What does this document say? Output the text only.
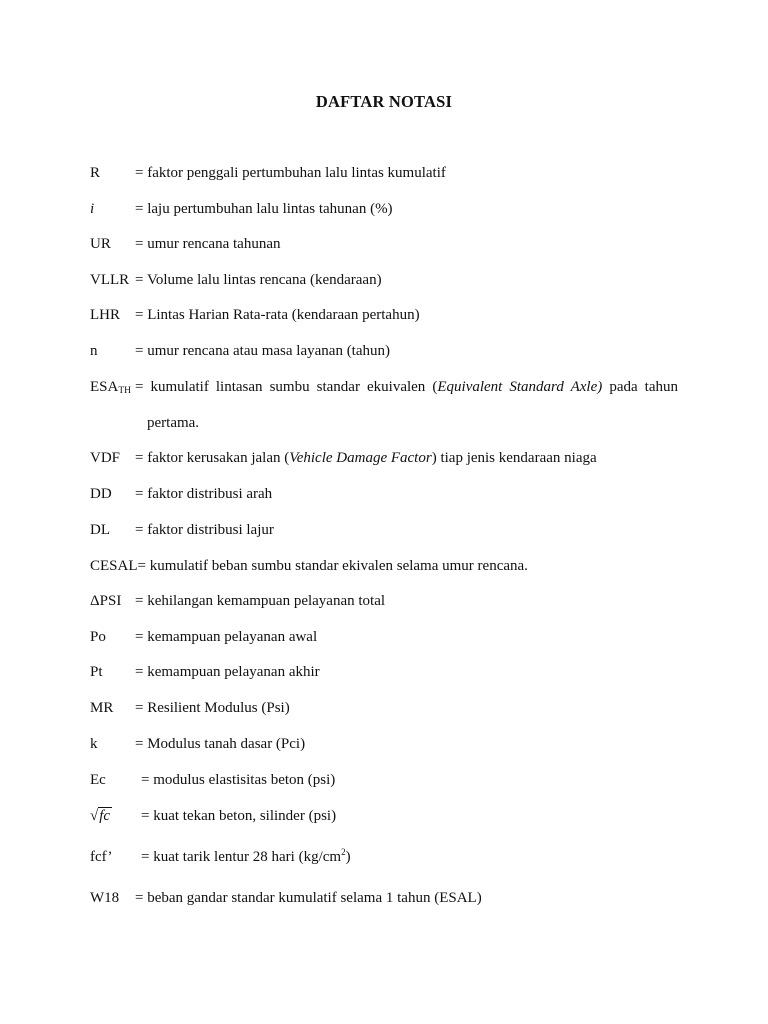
DAFTAR NOTASI
R = faktor penggali pertumbuhan lalu lintas kumulatif
i	= laju pertumbuhan lalu lintas tahunan (%)
UR = umur rencana tahunan
VLLR = Volume lalu lintas rencana (kendaraan)
LHR = Lintas Harian Rata-rata (kendaraan pertahun)
n	= umur rencana atau masa layanan (tahun)
$ESA_{TH}$ = kumulatif lintasan sumbu standar ekuivalen (Equivalent Standard Axle) pada tahun
pertama.
VDF = faktor kerusakan jalan (Vehicle Damage Factor) tiap jenis kendaraan niaga
DD = faktor distribusi arah
DL = faktor distribusi lajur
CESAL= kumulatif beban sumbu standar ekivalen selama umur rencana.
ΔPSI = kehilangan kemampuan pelayanan total
Po = kemampuan pelayanan awal
Pt = kemampuan pelayanan akhir
MR = Resilient Modulus (Psi)
k	= Modulus tanah dasar (Pci)
Ec = modulus elastisitas beton (psi)
√fc = kuat tekan beton, silinder (psi)
fcf’ = kuat tarik lentur 28 hari $(kg/cm^2)$
W18 = beban gandar standar kumulatif selama 1 tahun (ESAL)
